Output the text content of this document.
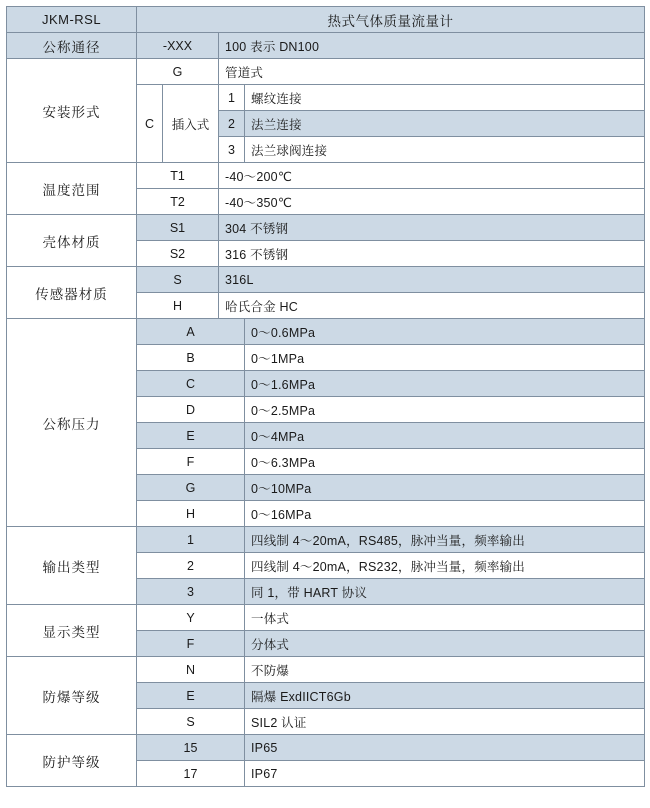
JKM-RSL	热式气体质量流量计			
公称通径	-XXX		100 表示 DN100	
安装形式	G		管道式	
	C	插入式	1	螺纹连接
			2	法兰连接
			3	法兰球阀连接
温度范围	T1		-40～200℃	
	T2		-40～350℃	
壳体材质	S1		304 不锈钢	
	S2		316 不锈钢	
传感器材质	S		316L	
	H		哈氏合金 HC	
公称压力	A			0～0.6MPa
	B			0～1MPa
	C			0～1.6MPa
	D			0～2.5MPa
	E			0～4MPa
	F			0～6.3MPa
	G			0～10MPa
	H			0～16MPa
输出类型	1			四线制 4～20mA，RS485，脉冲当量，频率输出
	2			四线制 4～20mA，RS232，脉冲当量，频率输出
	3			同 1，带 HART 协议
显示类型	Y			一体式
	F			分体式
防爆等级	N			不防爆
	E			隔爆 ExdIICT6Gb
	S			SIL2 认证
防护等级	15			IP65
	17			IP67
